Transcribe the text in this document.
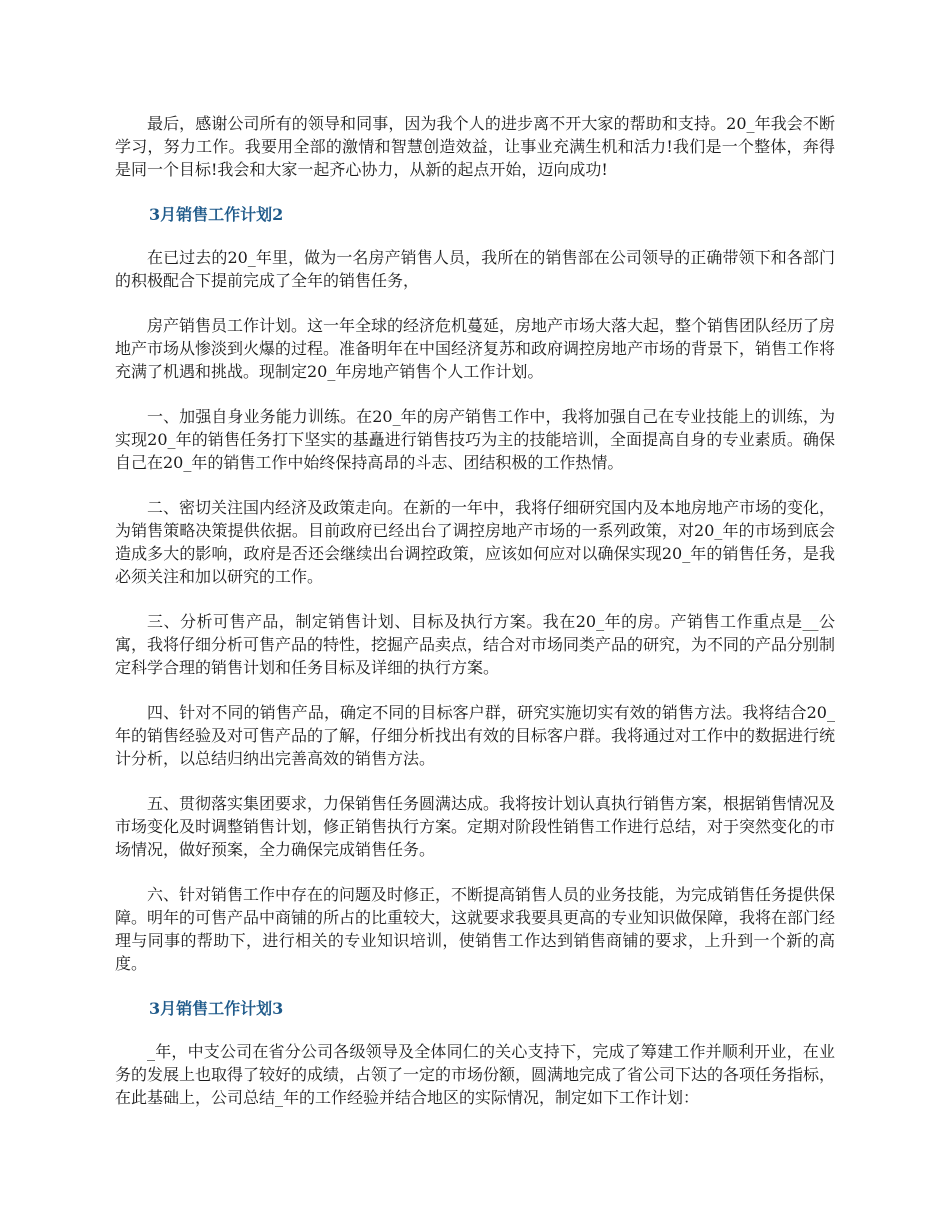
最后，感谢公司所有的领导和同事，因为我个人的进步离不开大家的帮助和支持。20_年我会不断学习，努力工作。我要用全部的激情和智慧创造效益，让事业充满生机和活力!我们是一个整体，奔得是同一个目标!我会和大家一起齐心协力，从新的起点开始，迈向成功!

3月销售工作计划2

在已过去的20_年里，做为一名房产销售人员，我所在的销售部在公司领导的正确带领下和各部门的积极配合下提前完成了全年的销售任务，

房产销售员工作计划。这一年全球的经济危机蔓延，房地产市场大落大起，整个销售团队经历了房地产市场从惨淡到火爆的过程。准备明年在中国经济复苏和政府调控房地产市场的背景下，销售工作将充满了机遇和挑战。现制定20_年房地产销售个人工作计划。

一、加强自身业务能力训练。在20_年的房产销售工作中，我将加强自己在专业技能上的训练，为实现20_年的销售任务打下坚实的基矗进行销售技巧为主的技能培训，全面提高自身的专业素质。确保自己在20_年的销售工作中始终保持高昂的斗志、团结积极的工作热情。

二、密切关注国内经济及政策走向。在新的一年中，我将仔细研究国内及本地房地产市场的变化，为销售策略决策提供依据。目前政府已经出台了调控房地产市场的一系列政策，对20_年的市场到底会造成多大的影响，政府是否还会继续出台调控政策，应该如何应对以确保实现20_年的销售任务，是我必须关注和加以研究的工作。

三、分析可售产品，制定销售计划、目标及执行方案。我在20_年的房。产销售工作重点是__公寓，我将仔细分析可售产品的特性，挖掘产品卖点，结合对市场同类产品的研究，为不同的产品分别制定科学合理的销售计划和任务目标及详细的执行方案。

四、针对不同的销售产品，确定不同的目标客户群，研究实施切实有效的销售方法。我将结合20_年的销售经验及对可售产品的了解，仔细分析找出有效的目标客户群。我将通过对工作中的数据进行统计分析，以总结归纳出完善高效的销售方法。

五、贯彻落实集团要求，力保销售任务圆满达成。我将按计划认真执行销售方案，根据销售情况及市场变化及时调整销售计划，修正销售执行方案。定期对阶段性销售工作进行总结，对于突然变化的市场情况，做好预案，全力确保完成销售任务。

六、针对销售工作中存在的问题及时修正，不断提高销售人员的业务技能，为完成销售任务提供保障。明年的可售产品中商铺的所占的比重较大，这就要求我要具更高的专业知识做保障，我将在部门经理与同事的帮助下，进行相关的专业知识培训，使销售工作达到销售商铺的要求，上升到一个新的高度。

3月销售工作计划3

_年，中支公司在省分公司各级领导及全体同仁的关心支持下，完成了筹建工作并顺利开业，在业务的发展上也取得了较好的成绩，占领了一定的市场份额，圆满地完成了省公司下达的各项任务指标，在此基础上，公司总结_年的工作经验并结合地区的实际情况，制定如下工作计划：
